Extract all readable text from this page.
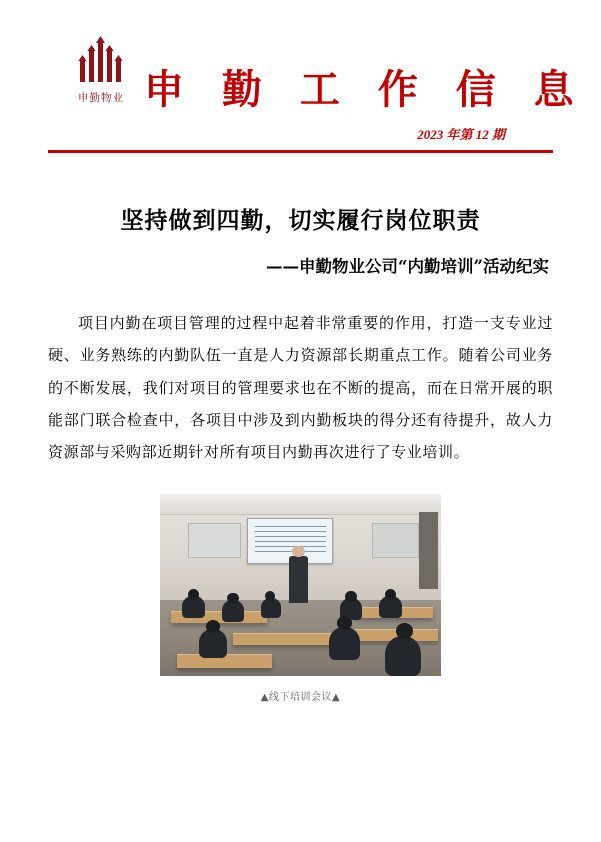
申勤物业 申 勤 工 作 信 息
2023 年第 12 期
坚持做到四勤，切实履行岗位职责
——申勤物业公司“内勤培训”活动纪实

项目内勤在项目管理的过程中起着非常重要的作用，打造一支专业过硬、业务熟练的内勤队伍一直是人力资源部长期重点工作。随着公司业务的不断发展，我们对项目的管理要求也在不断的提高，而在日常开展的职能部门联合检查中，各项目中涉及到内勤板块的得分还有待提升，故人力资源部与采购部近期针对所有项目内勤再次进行了专业培训。

▲线下培训会议▲
